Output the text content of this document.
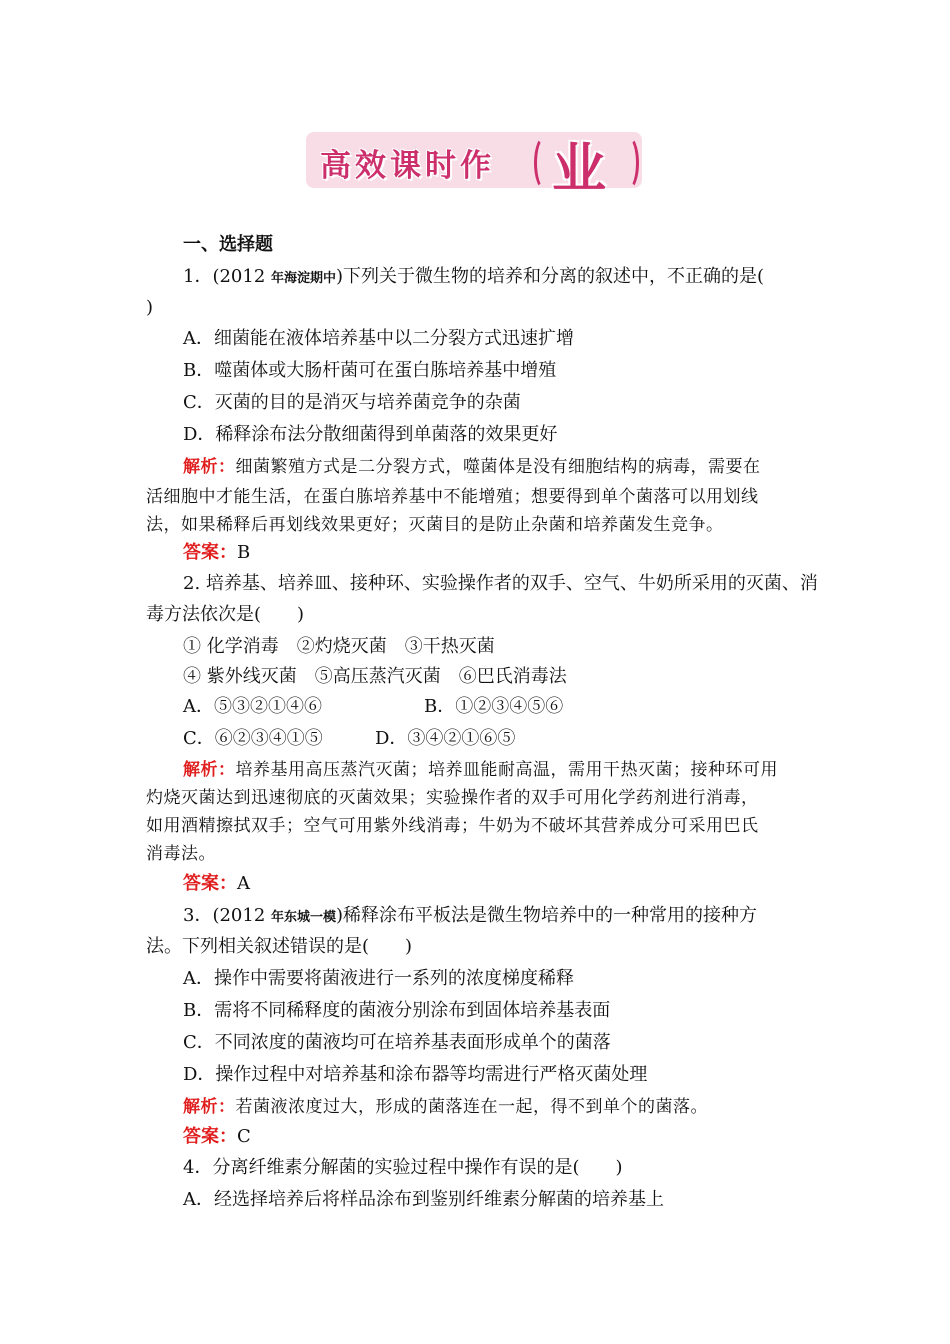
高效课时作 业
一、选择题
1．(2012 年海淀期中)下列关于微生物的培养和分离的叙述中，不正确的是(
)
A．细菌能在液体培养基中以二分裂方式迅速扩增
B．噬菌体或大肠杆菌可在蛋白胨培养基中增殖
C．灭菌的目的是消灭与培养菌竞争的杂菌
D．稀释涂布法分散细菌得到单菌落的效果更好
解析：细菌繁殖方式是二分裂方式，噬菌体是没有细胞结构的病毒，需要在
活细胞中才能生活，在蛋白胨培养基中不能增殖；想要得到单个菌落可以用划线
法，如果稀释后再划线效果更好；灭菌目的是防止杂菌和培养菌发生竞争。
答案：B
2. 培养基、培养皿、接种环、实验操作者的双手、空气、牛奶所采用的灭菌、消
毒方法依次是(　　)
① 化学消毒　②灼烧灭菌　③干热灭菌
④ 紫外线灭菌　⑤高压蒸汽灭菌　⑥巴氏消毒法
A．⑤③②①④⑥	B．①②③④⑤⑥
C．⑥②③④①⑤	D．③④②①⑥⑤
解析：培养基用高压蒸汽灭菌；培养皿能耐高温，需用干热灭菌；接种环可用
灼烧灭菌达到迅速彻底的灭菌效果；实验操作者的双手可用化学药剂进行消毒，
如用酒精擦拭双手；空气可用紫外线消毒；牛奶为不破坏其营养成分可采用巴氏
消毒法。
答案：A
3．(2012 年东城一模)稀释涂布平板法是微生物培养中的一种常用的接种方
法。下列相关叙述错误的是(　　)
A．操作中需要将菌液进行一系列的浓度梯度稀释
B．需将不同稀释度的菌液分别涂布到固体培养基表面
C．不同浓度的菌液均可在培养基表面形成单个的菌落
D．操作过程中对培养基和涂布器等均需进行严格灭菌处理
解析：若菌液浓度过大，形成的菌落连在一起，得不到单个的菌落。
答案：C
4．分离纤维素分解菌的实验过程中操作有误的是(　　)
A．经选择培养后将样品涂布到鉴别纤维素分解菌的培养基上
